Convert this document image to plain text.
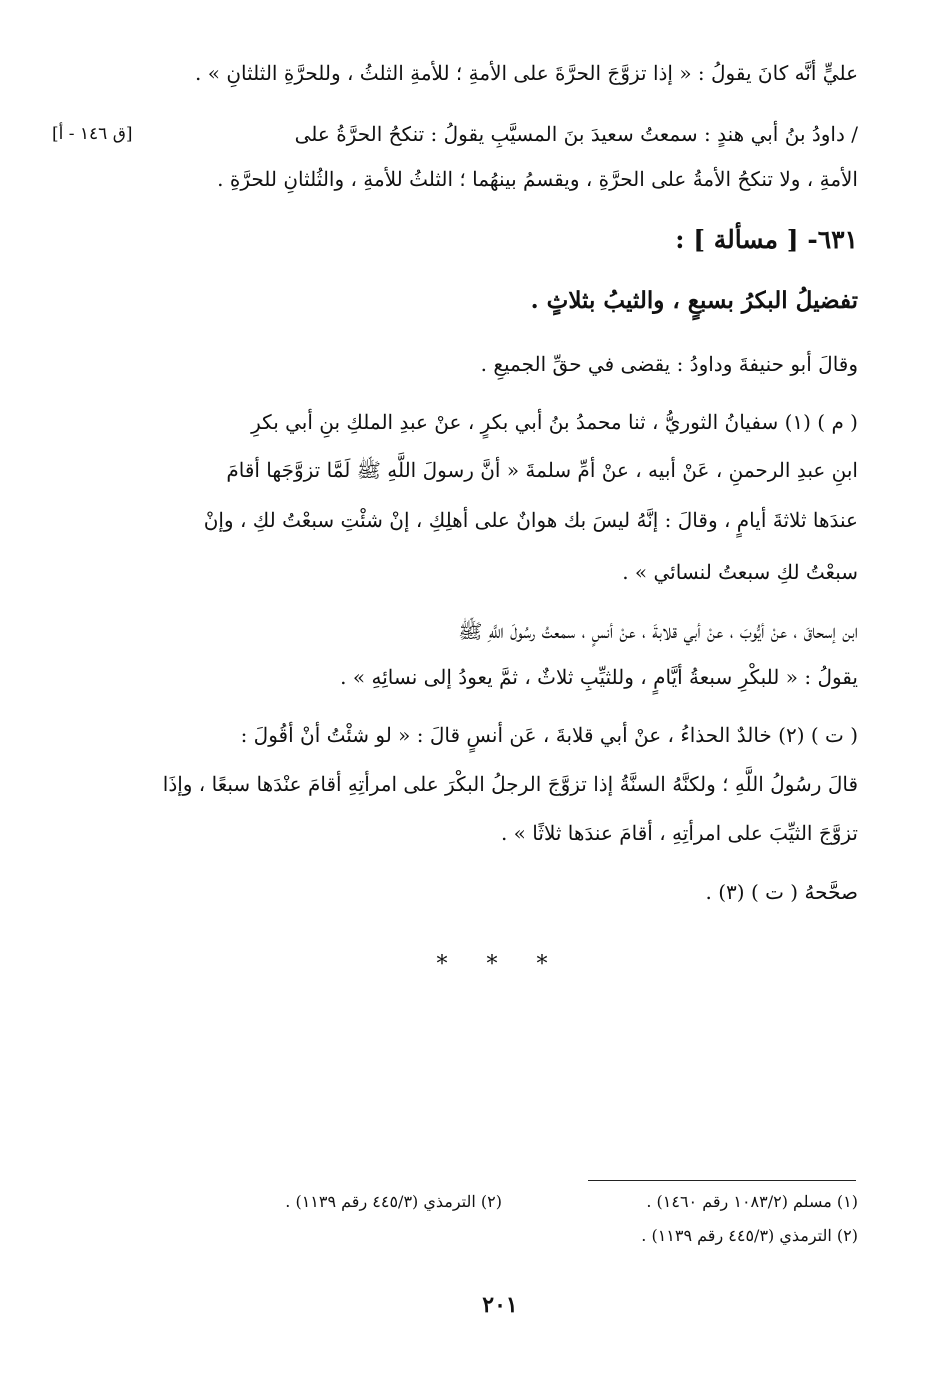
عليٍّ أنَّه كانَ يقولُ : « إذا تزوَّجَ الحرَّةَ على الأمةِ ؛ للأمةِ الثلثُ ، وللحرَّةِ الثلثانِ » .
/ داودُ بنُ أبي هندٍ : سمعتُ سعيدَ بنَ المسيَّبِ يقولُ : تنكحُ الحرَّةُ على
[ق ١٤٦ - أ]
الأمةِ ، ولا تنكحُ الأمةُ على الحرَّةِ ، ويقسمُ بينهُما ؛ الثلثُ للأمةِ ، والثُلثانِ للحرَّةِ .
٦٣١- [ مسألة ] :
تفضيلُ البكرُ بسبعٍ ، والثيبُ بثلاثٍ .
وقالَ أبو حنيفةَ وداودُ : يقضى في حقِّ الجميعِ .
( م ) (١) سفيانُ الثوريُّ ، ثنا محمدُ بنُ أبي بكرٍ ، عنْ عبدِ الملكِ بنِ أبي بكرِ
ابنِ عبدِ الرحمنِ ، عَنْ أبيه ، عنْ أمِّ سلمةَ « أنَّ رسولَ اللَّهِ ﷺ لَمَّا تزوَّجَها أقامَ
عندَها ثلاثةَ أيامٍ ، وقالَ : إنَّهُ ليسَ بك هوانٌ على أهلِكِ ، إنْ شئْتِ سبعْتُ لكِ ، وإنْ
سبعْتُ لكِ سبعتُ لنسائي » .
ابن إسحاقَ ، عنْ أيُّوبَ ، عنْ أبي قلابةَ ، عنْ أنسٍ ، سمعتُ رسُولَ اللَّهِ ﷺ
يقولُ : « للبكْرِ سبعةُ أيَّامٍ ، وللثيِّبِ ثلاثٌ ، ثمَّ يعودُ إلى نسائِهِ » .
( ت ) (٢) خالدٌ الحذاءُ ، عنْ أبي قلابةَ ، عَن أنسٍ قالَ : « لو شئْتُ أنْ أقُولَ :
قالَ رسُولُ اللَّهِ ؛ ولكنَّهُ السنَّةُ إذا تزوَّجَ الرجلُ البكْرَ على امرأتِهِ أقامَ عنْدَها سبعًا ، وإذَا
تزوَّجَ الثيِّبَ على امرأتِهِ ، أقامَ عندَها ثلاثًا » .
صحَّحهُ ( ت ) (٣) .
* * *
(١) مسلم (١٠٨٣/٢ رقم ١٤٦٠) .
(٢) الترمذي (٤٤٥/٣ رقم ١١٣٩) .
(٢) الترمذي (٤٤٥/٣ رقم ١١٣٩) .
٢٠١
